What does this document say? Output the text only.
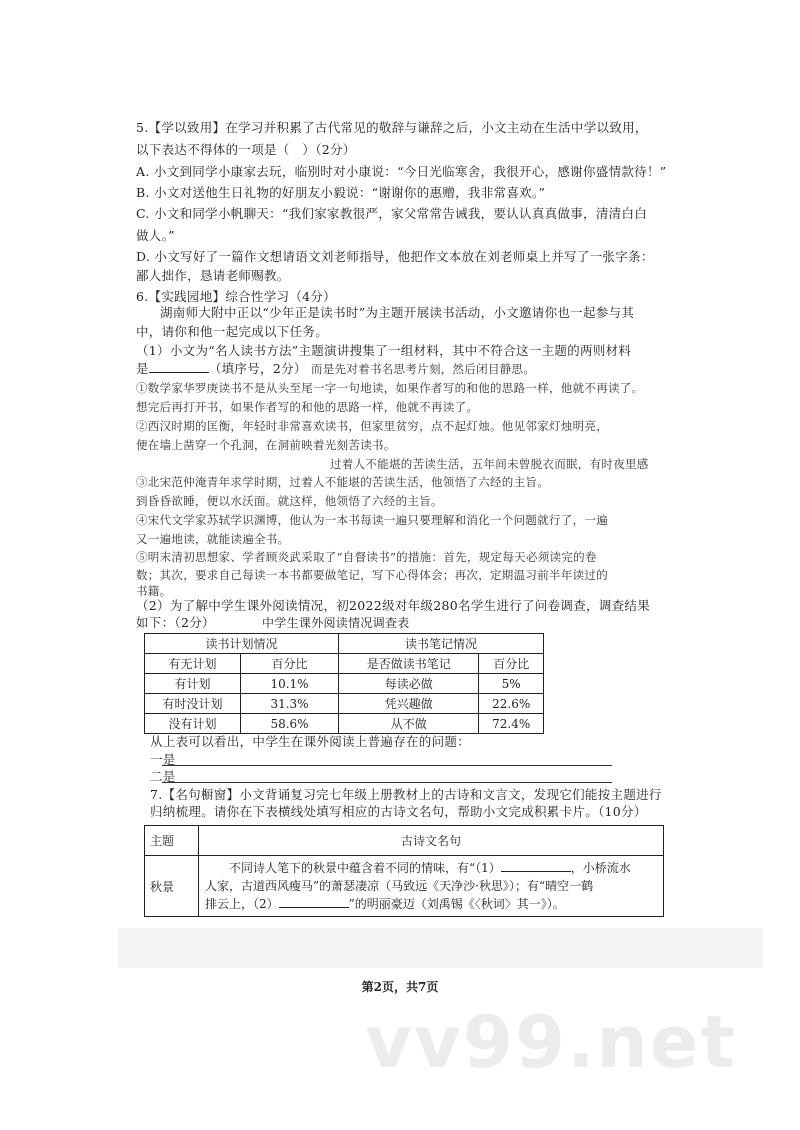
5.【学以致用】在学习并积累了古代常见的敬辞与谦辞之后，小文主动在生活中学以致用，
以下表达不得体的一项是（　）（2分）
A. 小文到同学小康家去玩，临别时对小康说：“今日光临寒舍，我很开心，感谢你盛情款待！”
B. 小文对送他生日礼物的好朋友小毅说：“谢谢你的惠赠，我非常喜欢。”
C. 小文和同学小帆聊天：“我们家家教很严，家父常常告诫我，要认认真真做事，清清白白
做人。”
D. 小文写好了一篇作文想请语文刘老师指导，他把作文本放在刘老师桌上并写了一张字条：
鄙人拙作，恳请老师赐教。
6.【实践园地】综合性学习（4分）
湖南师大附中正以“少年正是读书时”为主题开展读书活动，小文邀请你也一起参与其
中，请你和他一起完成以下任务。
（1）小文为“名人读书方法”主题演讲搜集了一组材料，其中不符合这一主题的两则材料
是	（填序号，2分） 而是先对着书名思考片刻，然后闭目静思。
①数学家华罗庚读书不是从头至尾一字一句地读，如果作者写的和他的思路一样，他就不再读了。
想完后再打开书，如果作者写的和他的思路一样，他就不再读了。
②西汉时期的匡衡，年轻时非常喜欢读书，但家里贫穷，点不起灯烛。他见邻家灯烛明亮，
便在墙上凿穿一个孔洞，在洞前映着光刻苦读书。
过着人不能堪的苦读生活，五年间未曾脱衣而眠，有时夜里感
③北宋范仲淹青年求学时期，过着人不能堪的苦读生活，他领悟了六经的主旨。
到昏昏欲睡，便以水沃面。就这样，他领悟了六经的主旨。
④宋代文学家苏轼学识渊博，他认为一本书每读一遍只要理解和消化一个问题就行了，一遍
又一遍地读，就能读遍全书。
⑤明末清初思想家、学者顾炎武采取了“自督读书”的措施：首先，规定每天必须读完的卷
数；其次，要求自己每读一本书都要做笔记，写下心得体会；再次，定期温习前半年读过的
书籍。
（2）为了解中学生课外阅读情况，初2022级对年级280名学生进行了问卷调查，调查结果
如下：（2分）	中学生课外阅读情况调查表
读书计划情况		读书笔记情况	
有无计划	百分比	是否做读书笔记	百分比
有计划	10.1%	每读必做	5%
有时没计划	31.3%	凭兴趣做	22.6%
没有计划	58.6%	从不做	72.4%
从上表可以看出，中学生在课外阅读上普遍存在的问题：
一是
二是
7.【名句橱窗】小文背诵复习完七年级上册教材上的古诗和文言文，发现它们能按主题进行
归纳梳理。请你在下表横线处填写相应的古诗文名句，帮助小文完成积累卡片。（10分）
主题	古诗文名句
秋景	不同诗人笔下的秋景中蕴含着不同的情味，有“（1） ，小桥流水
人家，古道西风瘦马”的萧瑟凄凉（马致远《天净沙·秋思》）；有“晴空一鹤
排云上，（2） ”的明丽豪迈（刘禹锡《〈秋词〉其一》）。
第2页，共7页
vv99.net
